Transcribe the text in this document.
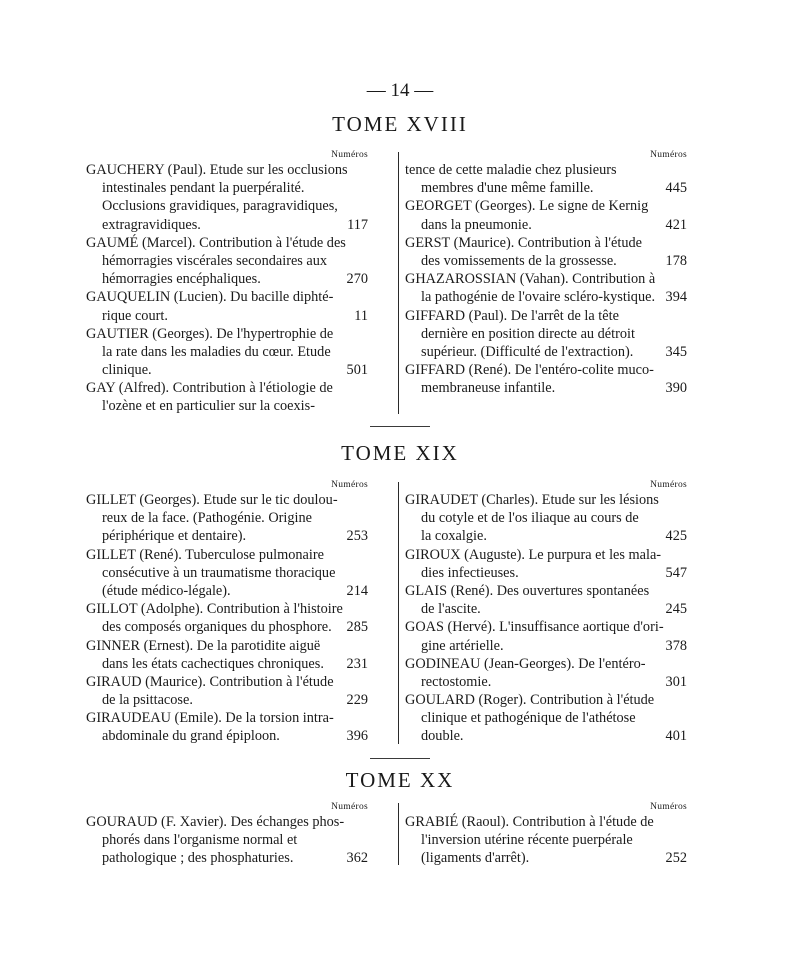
— 14 —
TOME XVIII
Numéros
GAUCHERY (Paul). Etude sur les occlusions
intestinales pendant la puerpéralité.
Occlusions gravidiques, paragravidiques,
extragravidiques.	117
GAUMÉ (Marcel). Contribution à l'étude des
hémorragies viscérales secondaires aux
hémorragies encéphaliques.	270
GAUQUELIN (Lucien). Du bacille diphté-
rique court.	11
GAUTIER (Georges). De l'hypertrophie de
la rate dans les maladies du cœur. Etude
clinique.	501
GAY (Alfred). Contribution à l'étiologie de
l'ozène et en particulier sur la coexis-
Numéros
tence de cette maladie chez plusieurs
membres d'une même famille.	445
GEORGET (Georges). Le signe de Kernig
dans la pneumonie.	421
GERST (Maurice). Contribution à l'étude
des vomissements de la grossesse.	178
GHAZAROSSIAN (Vahan). Contribution à
la pathogénie de l'ovaire scléro-kystique. 394
GIFFARD (Paul). De l'arrêt de la tête
dernière en position directe au détroit
supérieur. (Difficulté de l'extraction). 345
GIFFARD (René). De l'entéro-colite muco-
membraneuse infantile.	390
TOME XIX
Numéros
GILLET (Georges). Etude sur le tic doulou-
reux de la face. (Pathogénie. Origine
périphérique et dentaire).	253
GILLET (René). Tuberculose pulmonaire
consécutive à un traumatisme thoracique
(étude médico-légale).	214
GILLOT (Adolphe). Contribution à l'histoire
des composés organiques du phosphore. 285
GINNER (Ernest). De la parotidite aiguë
dans les états cachectiques chroniques. 231
GIRAUD (Maurice). Contribution à l'étude
de la psittacose.	229
GIRAUDEAU (Emile). De la torsion intra-
abdominale du grand épiploon.	396
Numéros
GIRAUDET (Charles). Etude sur les lésions
du cotyle et de l'os iliaque au cours de
la coxalgie.	425
GIROUX (Auguste). Le purpura et les mala-
dies infectieuses.	547
GLAIS (René). Des ouvertures spontanées
de l'ascite.	245
GOAS (Hervé). L'insuffisance aortique d'ori-
gine artérielle.	378
GODINEAU (Jean-Georges). De l'entéro-
rectostomie.	301
GOULARD (Roger). Contribution à l'étude
clinique et pathogénique de l'athétose
double.	401
TOME XX
Numéros
GOURAUD (F. Xavier). Des échanges phos-
phorés dans l'organisme normal et
pathologique ; des phosphaturies.	362
Numéros
GRABIÉ (Raoul). Contribution à l'étude de
l'inversion utérine récente puerpérale
(ligaments d'arrêt).	252
